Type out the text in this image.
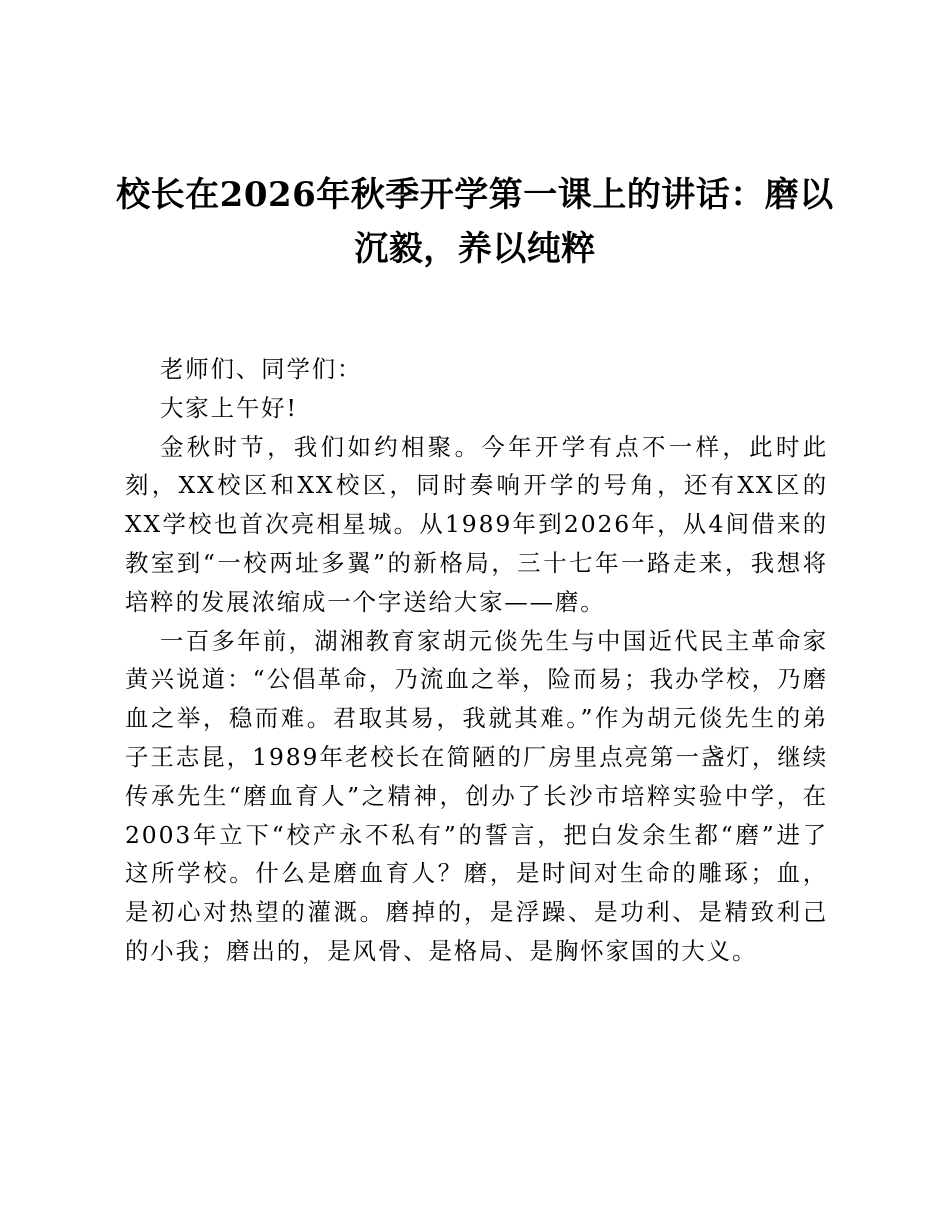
校长在2026年秋季开学第一课上的讲话：磨以沉毅，养以纯粹

老师们、同学们：

大家上午好!

金秋时节，我们如约相聚。今年开学有点不一样，此时此刻，XX校区和XX校区，同时奏响开学的号角，还有XX区的XX学校也首次亮相星城。从1989年到2026年，从4间借来的教室到“一校两址多翼”的新格局，三十七年一路走来，我想将培粹的发展浓缩成一个字送给大家——磨。

一百多年前，湖湘教育家胡元倓先生与中国近代民主革命家黄兴说道：“公倡革命，乃流血之举，险而易；我办学校，乃磨血之举，稳而难。君取其易，我就其难。”作为胡元倓先生的弟子王志昆，1989年老校长在简陋的厂房里点亮第一盏灯，继续传承先生“磨血育人”之精神，创办了长沙市培粹实验中学，在2003年立下“校产永不私有”的誓言，把白发余生都“磨”进了这所学校。什么是磨血育人？磨，是时间对生命的雕琢；血，是初心对热望的灌溉。磨掉的，是浮躁、是功利、是精致利己的小我；磨出的，是风骨、是格局、是胸怀家国的大义。
